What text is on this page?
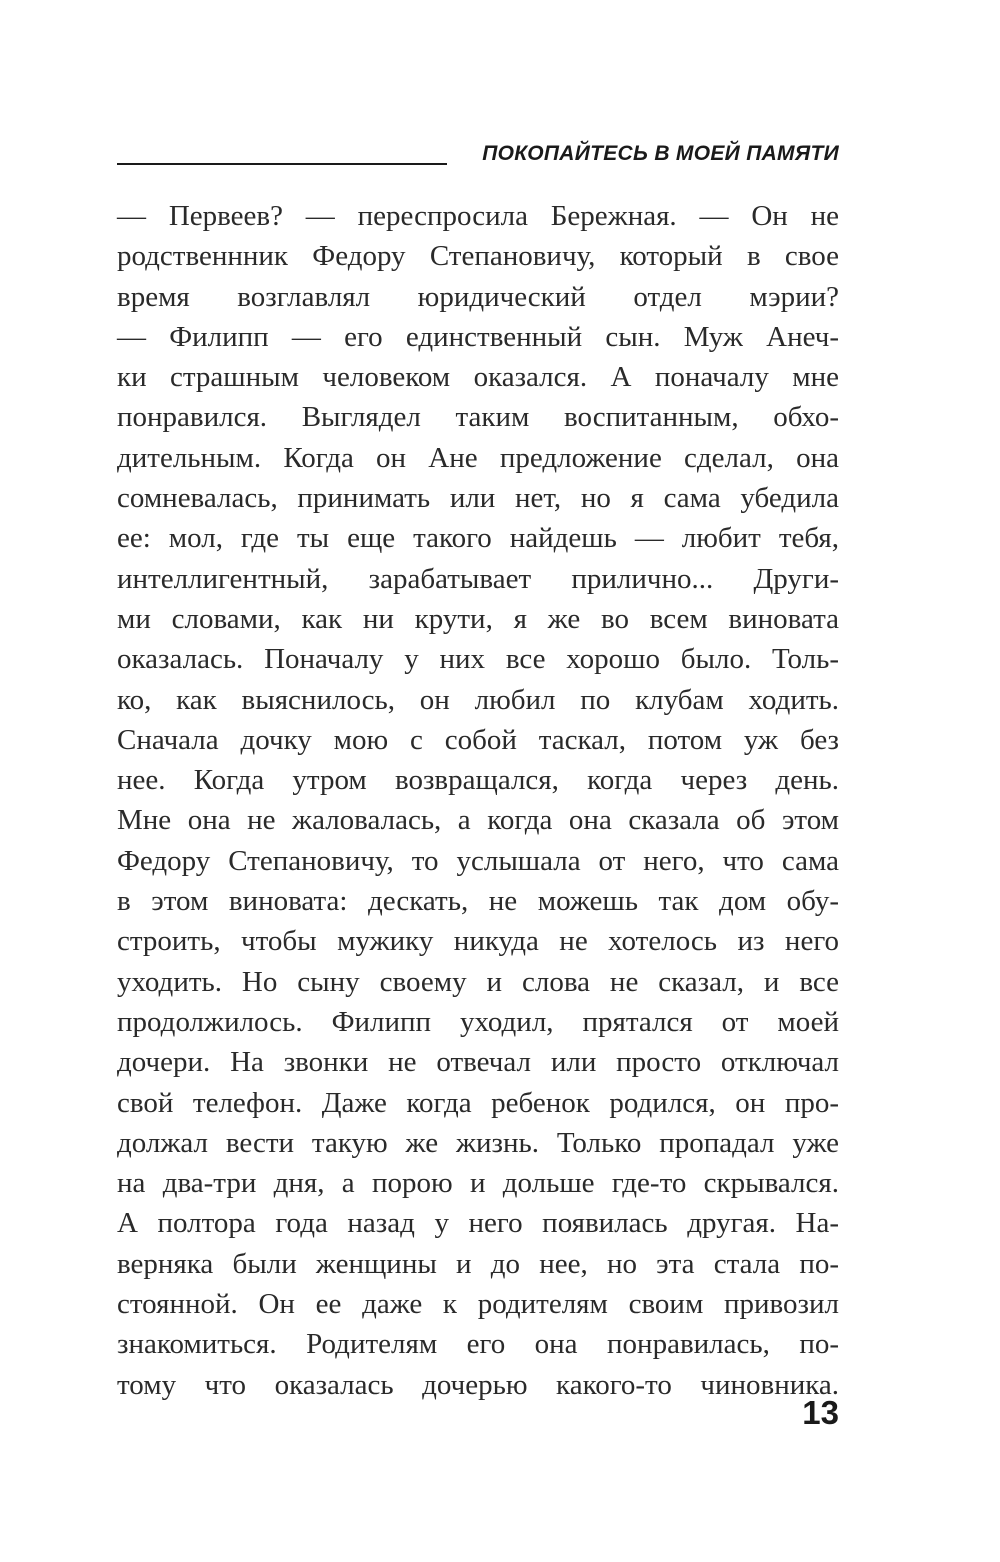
ПОКОПАЙТЕСЬ В МОЕЙ ПАМЯТИ
— Первеев? — переспросила Бережная. — Он не
родственнник Федору Степановичу, который в свое
время возглавлял юридический отдел мэрии?
— Филипп — его единственный сын. Муж Анеч-
ки страшным человеком оказался. А поначалу мне
понравился. Выглядел таким воспитанным, обхо-
дительным. Когда он Ане предложение сделал, она
сомневалась, принимать или нет, но я сама убедила
ее: мол, где ты еще такого найдешь — любит тебя,
интеллигентный, зарабатывает прилично... Други-
ми словами, как ни крути, я же во всем виновата
оказалась. Поначалу у них все хорошо было. Толь-
ко, как выяснилось, он любил по клубам ходить.
Сначала дочку мою с собой таскал, потом уж без
нее. Когда утром возвращался, когда через день.
Мне она не жаловалась, а когда она сказала об этом
Федору Степановичу, то услышала от него, что сама
в этом виновата: дескать, не можешь так дом обу-
строить, чтобы мужику никуда не хотелось из него
уходить. Но сыну своему и слова не сказал, и все
продолжилось. Филипп уходил, прятался от моей
дочери. На звонки не отвечал или просто отключал
свой телефон. Даже когда ребенок родился, он про-
должал вести такую же жизнь. Только пропадал уже
на два-три дня, а порою и дольше где-то скрывался.
А полтора года назад у него появилась другая. На-
верняка были женщины и до нее, но эта стала по-
стоянной. Он ее даже к родителям своим привозил
знакомиться. Родителям его она понравилась, по-
тому что оказалась дочерью какого-то чиновника.
13
